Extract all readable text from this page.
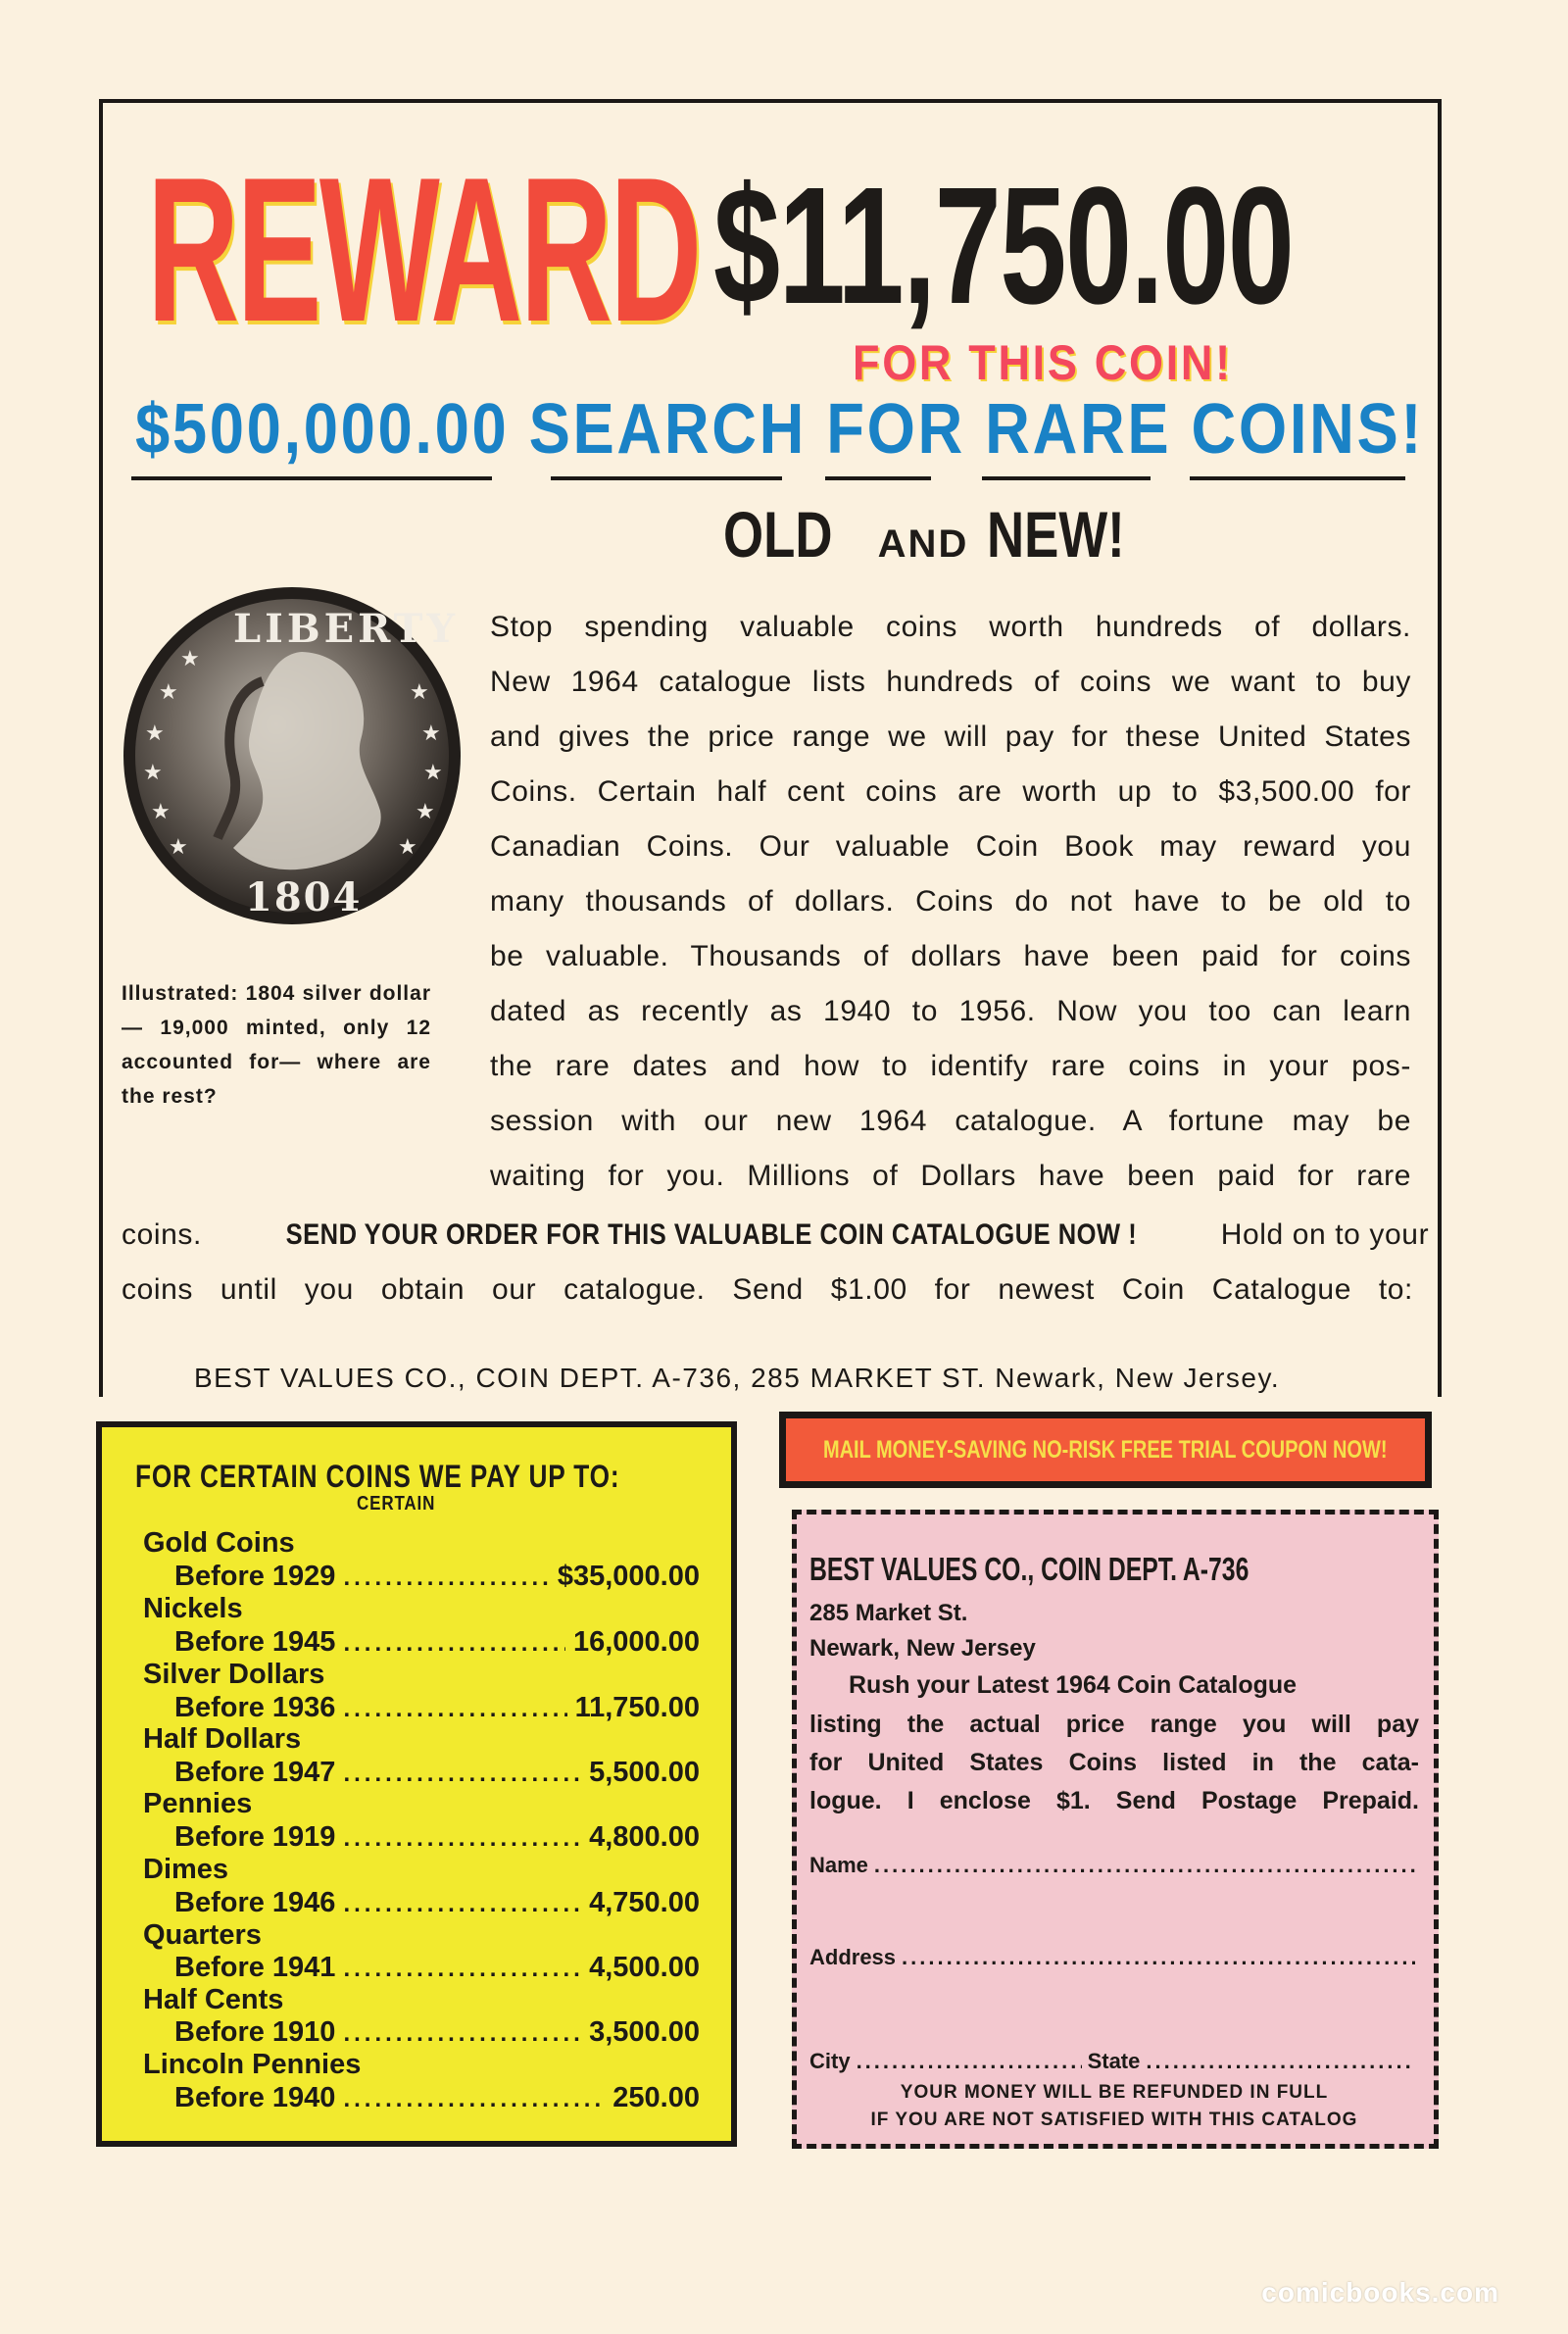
REWARD $11,750.00
FOR THIS COIN!
$500,000.00 SEARCH FOR RARE COINS!
OLD AND NEW!
★
★
★
★
★
★
★
★
★
★
★
LIBERTY
1804
Illustrated: 1804 silver dollar — 19,000 minted, only 12 accounted for— where are the rest?
Stop spending valuable coins worth hundreds of dollars.
New 1964 catalogue lists hundreds of coins we want to buy
and gives the price range we will pay for these United States
Coins. Certain half cent coins are worth up to $3,500.00 for
Canadian Coins. Our valuable Coin Book may reward you
many thousands of dollars. Coins do not have to be old to
be valuable. Thousands of dollars have been paid for coins
dated as recently as 1940 to 1956. Now you too can learn
the rare dates and how to identify rare coins in your pos-
session with our new 1964 catalogue. A fortune may be
waiting for you. Millions of Dollars have been paid for rare
coins.	SEND YOUR ORDER FOR THIS VALUABLE COIN CATALOGUE NOW !	Hold on to your
coins until you obtain our catalogue. Send $1.00 for newest Coin Catalogue to:
BEST VALUES CO., COIN DEPT. A-736, 285 MARKET ST. Newark, New Jersey.
FOR CERTAIN COINS WE PAY UP TO:
CERTAIN
Gold Coins
Before 1929 .....	$35,000.00
Nickels
Before 1945 .....	16,000.00
Silver Dollars
Before 1936 .....	11,750.00
Half Dollars
Before 1947 .....	5,500.00
Pennies
Before 1919 .....	4,800.00
Dimes
Before 1946 .....	4,750.00
Quarters
Before 1941 .....	4,500.00
Half Cents
Before 1910 .....	3,500.00
Lincoln Pennies
Before 1940 .....	250.00
MAIL MONEY-SAVING NO-RISK FREE TRIAL COUPON NOW!
BEST VALUES CO., COIN DEPT. A-736
285 Market St.
Newark, New Jersey
Rush your Latest 1964 Coin Catalogue
listing the actual price range you will pay
for United States Coins listed in the cata-
logue. I enclose $1. Send Postage Prepaid.
Name
.....
Address
.....
City .....	State
.....
YOUR MONEY WILL BE REFUNDED IN FULL
IF YOU ARE NOT SATISFIED WITH THIS CATALOG
comicbooks.com
